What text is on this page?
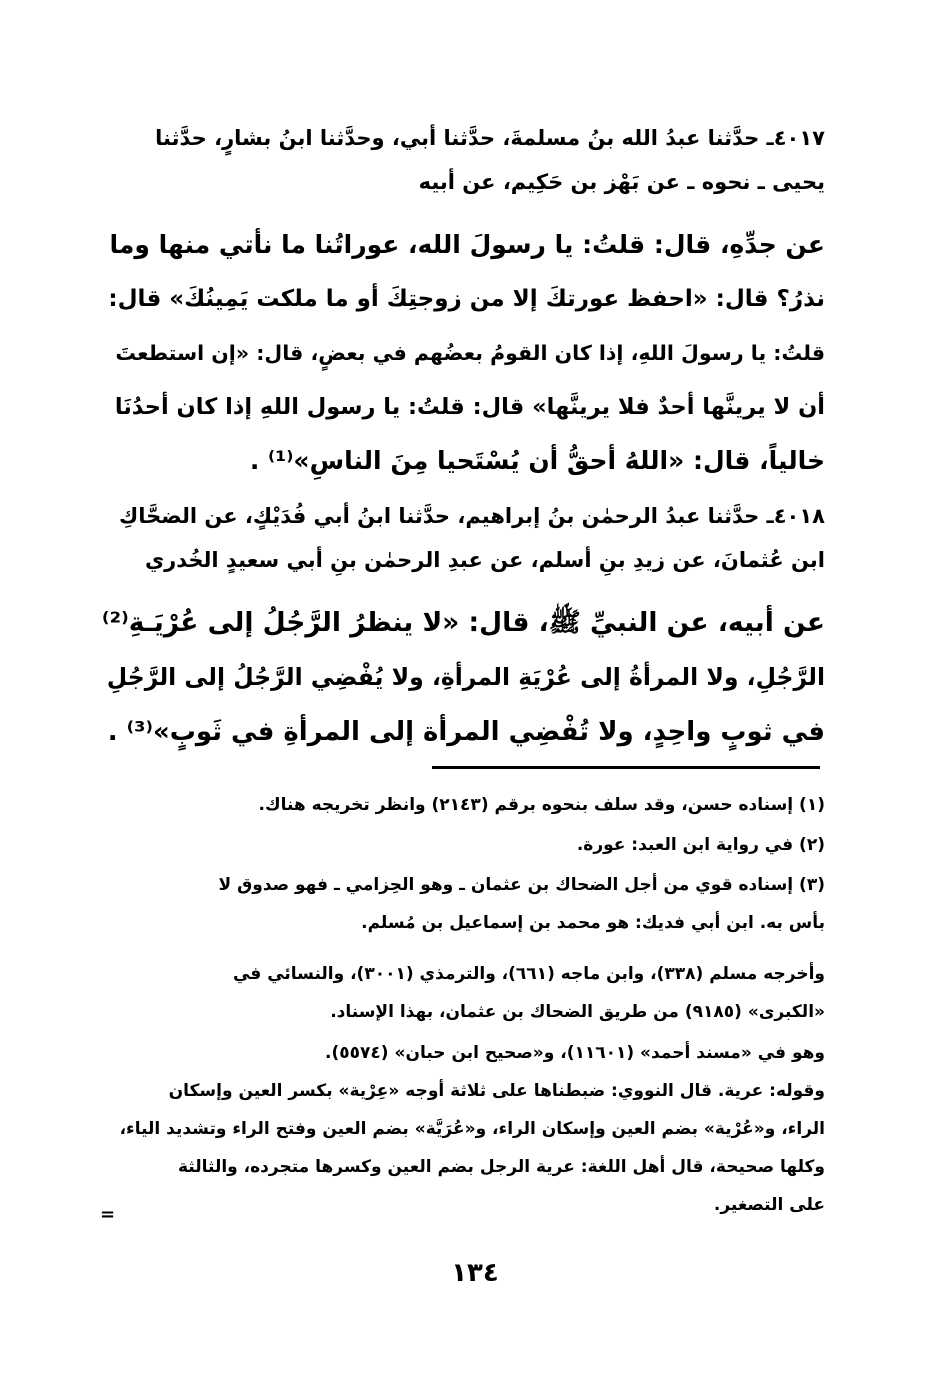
٤٠١٧ـ حدَّثنا عبدُ الله بنُ مسلمةَ، حدَّثنا أبي، وحدَّثنا ابنُ بشارٍ، حدَّثنا
يحيى ـ نحوه ـ عن بَهْز بن حَكِيم، عن أبيه
عن جدِّهِ، قال: قلتُ: يا رسولَ الله، عوراتُنا ما نأتي منها وما
نذرُ؟ قال: «احفظ عورتكَ إلا من زوجتِكَ أو ما ملكت يَمِينُكَ» قال:
قلتُ: يا رسولَ اللهِ، إذا كان القومُ بعضُهم في بعضٍ، قال: «إن استطعتَ
أن لا يرينَّها أحدٌ فلا يرينَّها» قال: قلتُ: يا رسول اللهِ إذا كان أحدُنَا
خالياً، قال: «اللهُ أحقُّ أن يُسْتَحيا مِنَ الناسِ»⁽¹⁾ .
٤٠١٨ـ حدَّثنا عبدُ الرحمٰن بنُ إبراهيم، حدَّثنا ابنُ أبي فُدَيْكٍ، عن الضحَّاكِ
ابن عُثمانَ، عن زيدِ بنِ أسلم، عن عبدِ الرحمٰن بنِ أبي سعيدٍ الخُدري
عن أبيه، عن النبيِّ ﷺ، قال: «لا ينظرُ الرَّجُلُ إلى عُرْيَـةِ⁽²⁾
الرَّجُلِ، ولا المرأةُ إلى عُرْيَةِ المرأةِ، ولا يُفْضِي الرَّجُلُ إلى الرَّجُلِ
في ثوبٍ واحِدٍ، ولا تُفْضِي المرأة إلى المرأةِ في ثَوبٍ»⁽³⁾ .
(١) إسناده حسن، وقد سلف بنحوه برقم (٢١٤٣) وانظر تخريجه هناك.
(٢) في رواية ابن العبد: عورة.
(٣) إسناده قوي من أجل الضحاك بن عثمان ـ وهو الحِزامي ـ فهو صدوق لا
بأس به. ابن أبي فديك: هو محمد بن إسماعيل بن مُسلم.
وأخرجه مسلم (٣٣٨)، وابن ماجه (٦٦١)، والترمذي (٣٠٠١)، والنسائي في
«الكبرى» (٩١٨٥) من طريق الضحاك بن عثمان، بهذا الإسناد.
وهو في «مسند أحمد» (١١٦٠١)، و«صحيح ابن حبان» (٥٥٧٤).
وقوله: عرية. قال النووي: ضبطناها على ثلاثة أوجه «عِرْية» بكسر العين وإسكان
الراء، و«عُرْية» بضم العين وإسكان الراء، و«عُرَيَّة» بضم العين وفتح الراء وتشديد الياء،
وكلها صحيحة، قال أهل اللغة: عرية الرجل بضم العين وكسرها متجرده، والثالثة
على التصغير.
=
١٣٤
